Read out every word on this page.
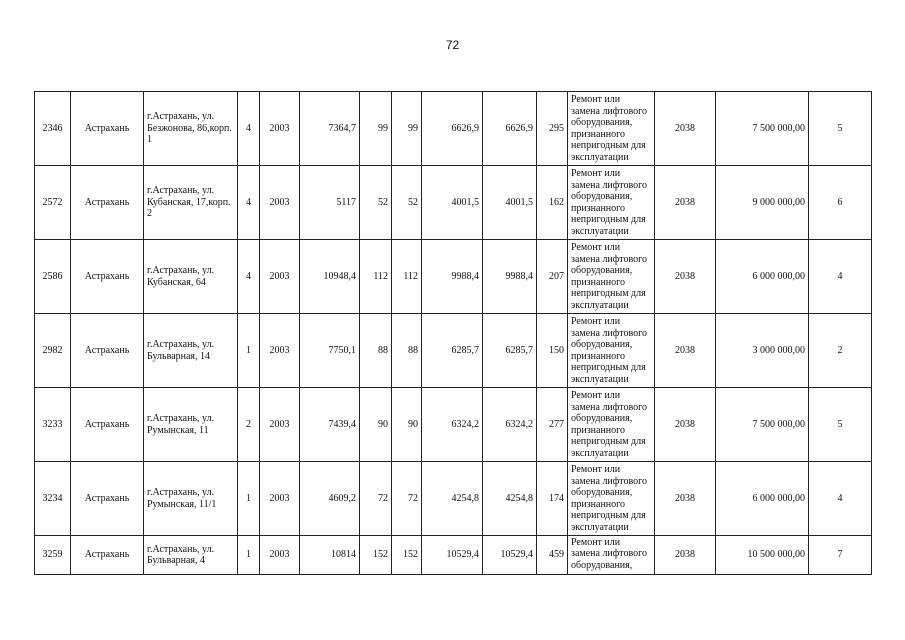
72
2346	Астрахань	г.Астрахань, ул. Безжонова, 86,корп. 1	4	2003	7364,7	99	99	6626,9	6626,9	295	Ремонт или замена лифтового оборудования, признанного непригодным для эксплуатации	2038	7 500 000,00	5
2572	Астрахань	г.Астрахань, ул. Кубанская, 17,корп. 2	4	2003	5117	52	52	4001,5	4001,5	162	Ремонт или замена лифтового оборудования, признанного непригодным для эксплуатации	2038	9 000 000,00	6
2586	Астрахань	г.Астрахань, ул. Кубанская, 64	4	2003	10948,4	112	112	9988,4	9988,4	207	Ремонт или замена лифтового оборудования, признанного непригодным для эксплуатации	2038	6 000 000,00	4
2982	Астрахань	г.Астрахань, ул. Бульварная, 14	1	2003	7750,1	88	88	6285,7	6285,7	150	Ремонт или замена лифтового оборудования, признанного непригодным для эксплуатации	2038	3 000 000,00	2
3233	Астрахань	г.Астрахань, ул. Румынская, 11	2	2003	7439,4	90	90	6324,2	6324,2	277	Ремонт или замена лифтового оборудования, признанного непригодным для эксплуатации	2038	7 500 000,00	5
3234	Астрахань	г.Астрахань, ул. Румынская, 11/1	1	2003	4609,2	72	72	4254,8	4254,8	174	Ремонт или замена лифтового оборудования, признанного непригодным для эксплуатации	2038	6 000 000,00	4
3259	Астрахань	г.Астрахань, ул. Бульварная, 4	1	2003	10814	152	152	10529,4	10529,4	459	Ремонт или замена лифтового оборудования,	2038	10 500 000,00	7
